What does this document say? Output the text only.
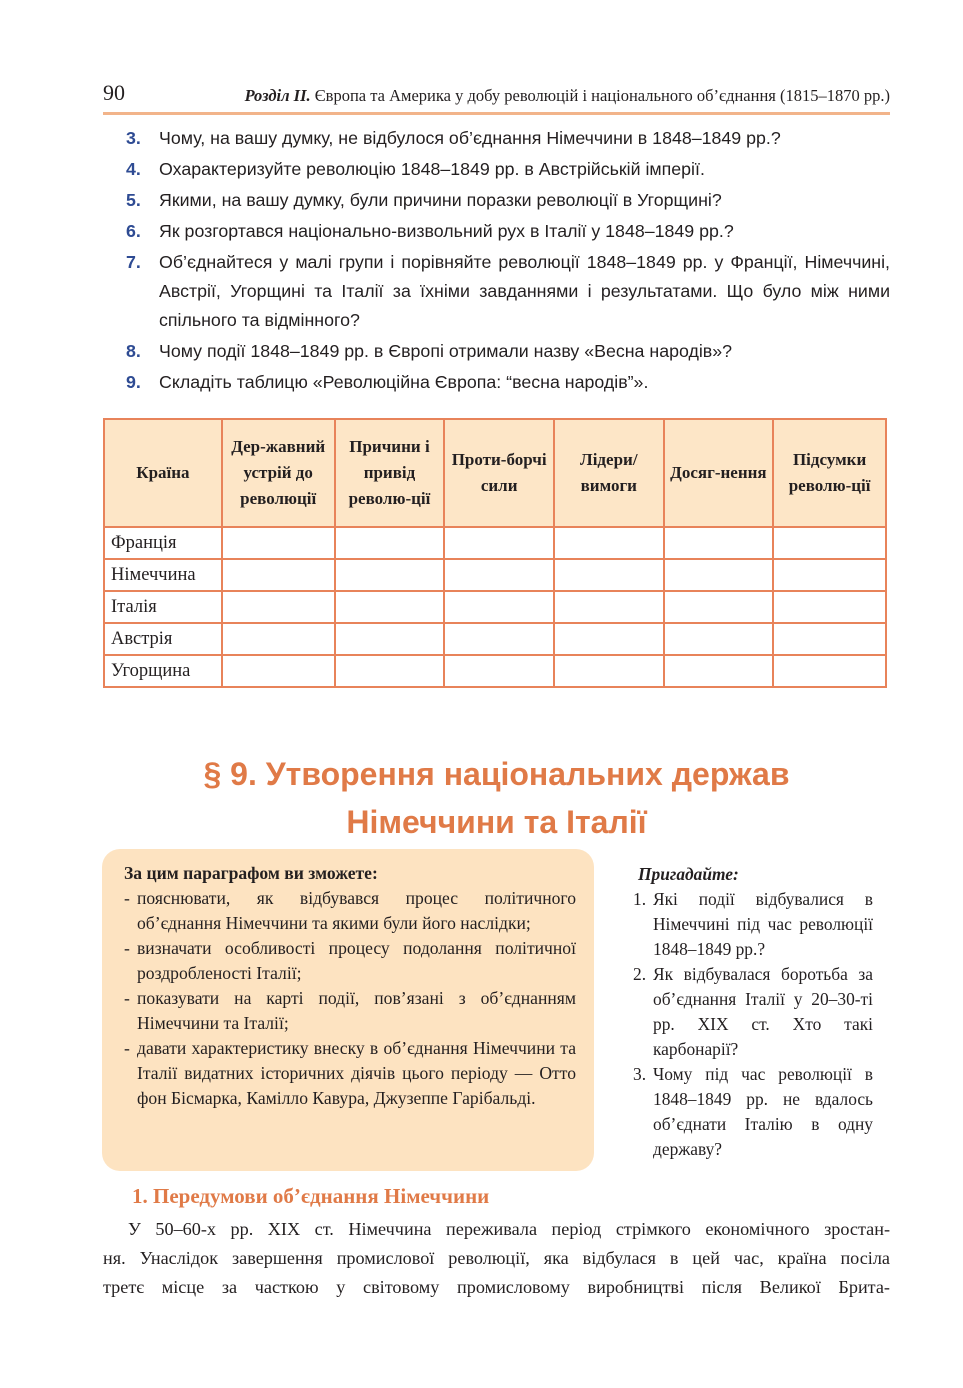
90	Розділ II. Європа та Америка у добу революцій і національного об’єднання (1815–1870 рр.)
3. Чому, на вашу думку, не відбулося об’єднання Німеччини в 1848–1849 рр.?
4. Охарактеризуйте революцію 1848–1849 рр. в Австрійській імперії.
5. Якими, на вашу думку, були причини поразки революції в Угорщині?
6. Як розгортався національно-визвольний рух в Італії у 1848–1849 рр.?
7. Об’єднайтеся у малі групи і порівняйте революції 1848–1849 рр. у Франції, Німеччині, Австрії, Угорщині та Італії за їхніми завданнями і результатами. Що було між ними спільного та відмінного?
8. Чому події 1848–1849 рр. в Європі отримали назву «Весна народів»?
9. Складіть таблицю «Революційна Європа: “весна народів”».
Країна	Дер-жавний устрій до революції	Причини і привід револю-ції	Проти-борчі сили	Лідери/ вимоги	Досяг-нення	Підсумки револю-ції
Франція						
Німеччина						
Італія						
Австрія						
Угорщина						
§ 9. Утворення національних держав
Німеччини та Італії
За цим параграфом ви зможете:
- пояснювати, як відбувався процес політичного об’єднання Німеччини та якими були його наслідки;
- визначати особливості процесу подолання політичної роздробленості Італії;
- показувати на карті події, пов’язані з об’єднанням Німеччини та Італії;
- давати характеристику внеску в об’єднання Німеччини та Італії видатних історичних діячів цього періоду — Отто фон Бісмарка, Камілло Кавура, Джузеппе Гарібальді.
Пригадайте:
1. Які події відбувалися в Німеччині під час революції 1848–1849 рр.?
2. Як відбувалася боротьба за об’єднання Італії у 20–30-ті рр. XIX ст. Хто такі карбонарії?
3. Чому під час революції в 1848–1849 рр. не вдалось об’єднати Італію в одну державу?
1. Передумови об’єднання Німеччини
У 50–60-х рр. XIX ст. Німеччина переживала період стрімкого економічного зростан-
ня. Унаслідок завершення промислової революції, яка відбулася в цей час, країна посіла
третє місце за часткою у світовому промисловому виробництві після Великої Брита-
